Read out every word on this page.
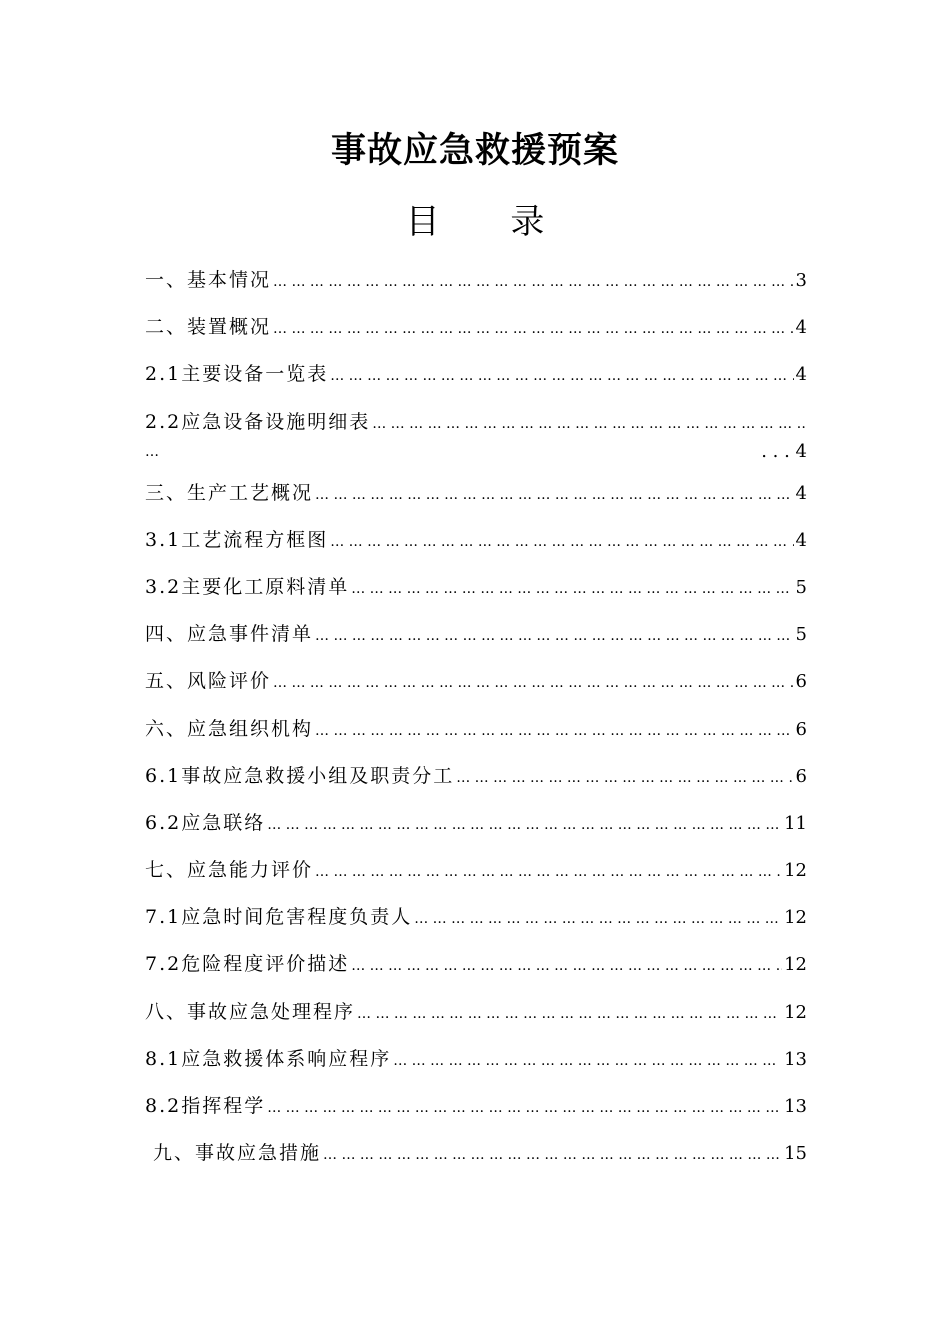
事故应急救援预案
目 录
一、基本情况 … … … … … … … … … … … … … … … … … … … … … … … … … … … … … … … … … … … … … … … … … … … … … … … … … … … … … … … … … … … …	3
二、装置概况 … … … … … … … … … … … … … … … … … … … … … … … … … … … … … … … … … … … … … … … … … … … … … … … … … … … … … … … … … … … …	4
2.1主要设备一览表 … … … … … … … … … … … … … … … … … … … … … … … … … … … … … … … … … … … … … … … … … … … … … … … … … … … … … … … … … … … …	4
2.2应急设备设施明细表
… … … … … … … … … … … … … … … … … … … … … … … … … … … … … … … … … … … … … … … … … … … … … … … … … … … … … … … … … … … …
…	. . . 4
三、生产工艺概况 … … … … … … … … … … … … … … … … … … … … … … … … … … … … … … … … … … … … … … … … … … … … … … … … … … … … … … … … … … … …	4
3.1工艺流程方框图 … … … … … … … … … … … … … … … … … … … … … … … … … … … … … … … … … … … … … … … … … … … … … … … … … … … … … … … … … … … …	4
3.2主要化工原料清单 … … … … … … … … … … … … … … … … … … … … … … … … … … … … … … … … … … … … … … … … … … … … … … … … … … … … … … … … … … … …	5
四、应急事件清单 … … … … … … … … … … … … … … … … … … … … … … … … … … … … … … … … … … … … … … … … … … … … … … … … … … … … … … … … … … … …	5
五、风险评价 … … … … … … … … … … … … … … … … … … … … … … … … … … … … … … … … … … … … … … … … … … … … … … … … … … … … … … … … … … … …	6
六、应急组织机构 … … … … … … … … … … … … … … … … … … … … … … … … … … … … … … … … … … … … … … … … … … … … … … … … … … … … … … … … … … … …	6
6.1事故应急救援小组及职责分工 … … … … … … … … … … … … … … … … … … … … … … … … … … … … … … … … … … … … … … … … … … … … … … … … … … … … … … … … … … … …	6
6.2应急联络 … … … … … … … … … … … … … … … … … … … … … … … … … … … … … … … … … … … … … … … … … … … … … … … … … … … … … … … … … … … …	11
七、应急能力评价 … … … … … … … … … … … … … … … … … … … … … … … … … … … … … … … … … … … … … … … … … … … … … … … … … … … … … … … … … … … …	12
7.1应急时间危害程度负责人 … … … … … … … … … … … … … … … … … … … … … … … … … … … … … … … … … … … … … … … … … … … … … … … … … … … … … … … … … … … …	12
7.2危险程度评价描述 … … … … … … … … … … … … … … … … … … … … … … … … … … … … … … … … … … … … … … … … … … … … … … … … … … … … … … … … … … … …	12
八、事故应急处理程序 … … … … … … … … … … … … … … … … … … … … … … … … … … … … … … … … … … … … … … … … … … … … … … … … … … … … … … … … … … … …	12
8.1应急救援体系响应程序 … … … … … … … … … … … … … … … … … … … … … … … … … … … … … … … … … … … … … … … … … … … … … … … … … … … … … … … … … … … …	13
8.2指挥程学 … … … … … … … … … … … … … … … … … … … … … … … … … … … … … … … … … … … … … … … … … … … … … … … … … … … … … … … … … … … …	13
九、事故应急措施 … … … … … … … … … … … … … … … … … … … … … … … … … … … … … … … … … … … … … … … … … … … … … … … … … … … … … … … … … … … …	15
